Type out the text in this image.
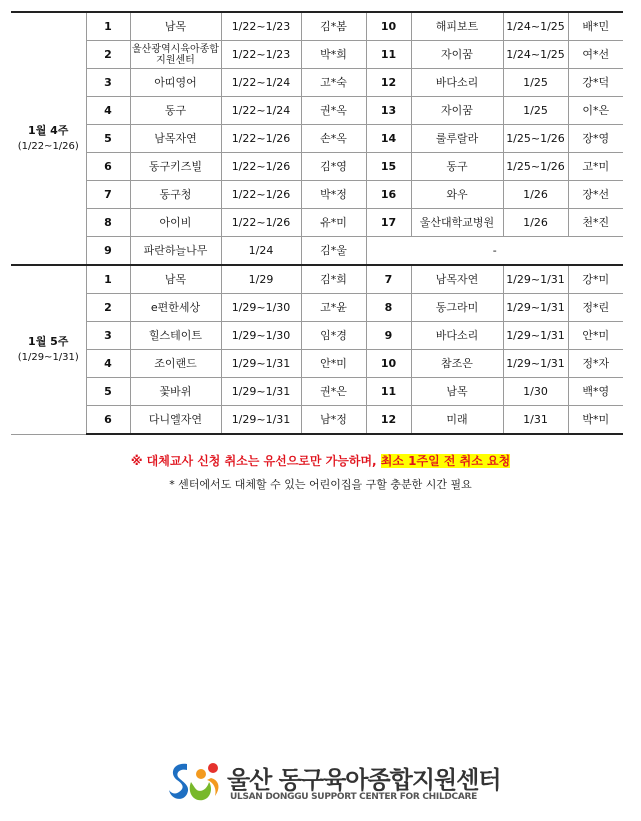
1월 4주
(1/22~1/26)	1	남목	1/22~1/23	김*봄	10	해피보트	1/24~1/25	배*민
	2	울산광역시육아종합지원센터	1/22~1/23	박*희	11	자이꿈	1/24~1/25	여*선
	3	아띠영어	1/22~1/24	고*숙	12	바다소리	1/25	강*덕
	4	동구	1/22~1/24	권*옥	13	자이꿈	1/25	이*은
	5	남목자연	1/22~1/26	손*옥	14	룰루랄라	1/25~1/26	장*영
	6	동구키즈빌	1/22~1/26	김*영	15	동구	1/25~1/26	고*미
	7	동구청	1/22~1/26	박*정	16	와우	1/26	장*선
	8	아이비	1/22~1/26	유*미	17	울산대학교병원	1/26	천*진
	9	파란하늘나무	1/24	김*울	-			
1월 5주
(1/29~1/31)	1	남목	1/29	김*희	7	남목자연	1/29~1/31	강*미
	2	e편한세상	1/29~1/30	고*윤	8	동그라미	1/29~1/31	정*린
	3	힐스테이트	1/29~1/30	임*경	9	바다소리	1/29~1/31	안*미
	4	조이랜드	1/29~1/31	안*미	10	참조은	1/29~1/31	정*자
	5	꽃바위	1/29~1/31	권*은	11	남목	1/30	백*영
	6	다니엘자연	1/29~1/31	남*정	12	미래	1/31	박*미
※ 대체교사 신청 취소는 유선으로만 가능하며, 최소 1주일 전 취소 요청
* 센터에서도 대체할 수 있는 어린이집을 구할 충분한 시간 필요
울산 동구육아종합지원센터
ULSAN DONGGU SUPPORT CENTER FOR CHILDCARE
